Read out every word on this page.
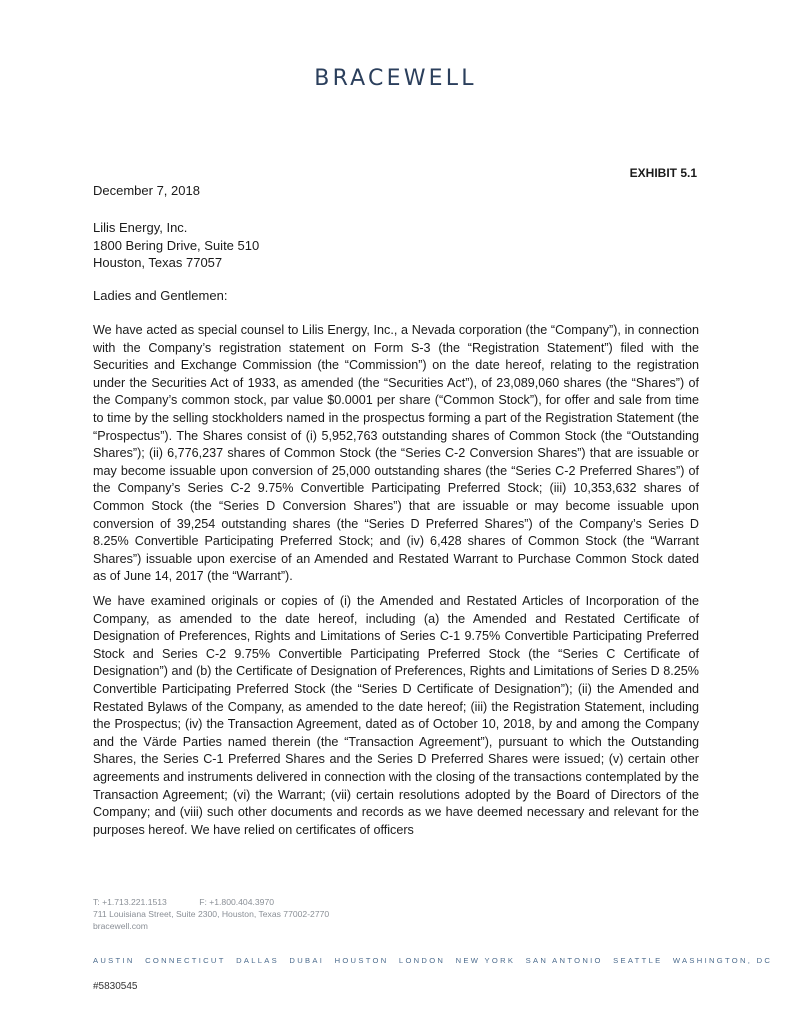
BRACEWELL
EXHIBIT 5.1
December 7, 2018
Lilis Energy, Inc.
1800 Bering Drive, Suite 510
Houston, Texas 77057
Ladies and Gentlemen:
We have acted as special counsel to Lilis Energy, Inc., a Nevada corporation (the “Company”), in connection with the Company’s registration statement on Form S-3 (the “Registration Statement”) filed with the Securities and Exchange Commission (the “Commission”) on the date hereof, relating to the registration under the Securities Act of 1933, as amended (the “Securities Act”), of 23,089,060 shares (the “Shares”) of the Company’s common stock, par value $0.0001 per share (“Common Stock”), for offer and sale from time to time by the selling stockholders named in the prospectus forming a part of the Registration Statement (the “Prospectus”). The Shares consist of (i) 5,952,763 outstanding shares of Common Stock (the “Outstanding Shares”); (ii) 6,776,237 shares of Common Stock (the “Series C-2 Conversion Shares”) that are issuable or may become issuable upon conversion of 25,000 outstanding shares (the “Series C-2 Preferred Shares”) of the Company’s Series C-2 9.75% Convertible Participating Preferred Stock; (iii) 10,353,632 shares of Common Stock (the “Series D Conversion Shares”) that are issuable or may become issuable upon conversion of 39,254 outstanding shares (the “Series D Preferred Shares”) of the Company’s Series D 8.25% Convertible Participating Preferred Stock; and (iv) 6,428 shares of Common Stock (the “Warrant Shares”) issuable upon exercise of an Amended and Restated Warrant to Purchase Common Stock dated as of June 14, 2017 (the “Warrant”).
We have examined originals or copies of (i) the Amended and Restated Articles of Incorporation of the Company, as amended to the date hereof, including (a) the Amended and Restated Certificate of Designation of Preferences, Rights and Limitations of Series C-1 9.75% Convertible Participating Preferred Stock and Series C-2 9.75% Convertible Participating Preferred Stock (the “Series C Certificate of Designation”) and (b) the Certificate of Designation of Preferences, Rights and Limitations of Series D 8.25% Convertible Participating Preferred Stock (the “Series D Certificate of Designation”); (ii) the Amended and Restated Bylaws of the Company, as amended to the date hereof; (iii) the Registration Statement, including the Prospectus; (iv) the Transaction Agreement, dated as of October 10, 2018, by and among the Company and the Värde Parties named therein (the “Transaction Agreement”), pursuant to which the Outstanding Shares, the Series C-1 Preferred Shares and the Series D Preferred Shares were issued; (v) certain other agreements and instruments delivered in connection with the closing of the transactions contemplated by the Transaction Agreement; (vi) the Warrant; (vii) certain resolutions adopted by the Board of Directors of the Company; and (viii) such other documents and records as we have deemed necessary and relevant for the purposes hereof. We have relied on certificates of officers
T: +1.713.221.1513	F: +1.800.404.3970
711 Louisiana Street, Suite 2300, Houston, Texas 77002-2770
bracewell.com
AUSTIN CONNECTICUT DALLAS DUBAI HOUSTON LONDON NEW YORK SAN ANTONIO SEATTLE WASHINGTON, DC
#5830545
